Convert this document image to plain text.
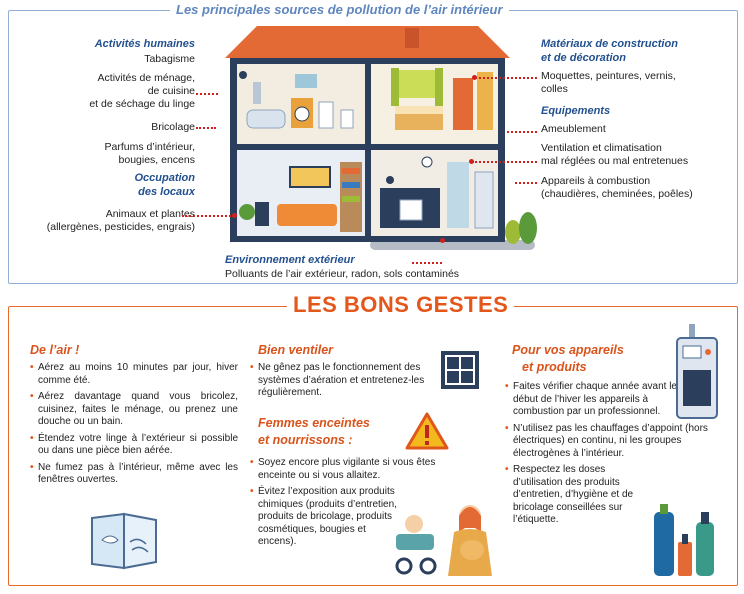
Les principales sources de pollution de l’air intérieur
Activités humaines
Tabagisme
Activités de ménage,
de cuisine
et de séchage du linge
Bricolage
Parfums d’intérieur,
bougies, encens
Occupation
des locaux
Animaux et plantes
(allergènes, pesticides, engrais)
Matériaux de construction
et de décoration
Moquettes, peintures, vernis,
colles
Equipements
Ameublement
Ventilation et climatisation
mal réglées ou mal entretenues
Appareils à combustion
(chaudières, cheminées, poêles)
Environnement extérieur
Polluants de l’air extérieur, radon, sols contaminés
LES BONS GESTES
De l’air !
• Aérez au moins 10 minutes par jour, hiver comme été.
• Aérez davantage quand vous bricolez, cuisinez, faites le ménage, ou prenez une douche ou un bain.
• Étendez votre linge à l’extérieur si possible ou dans une pièce bien aérée.
• Ne fumez pas à l’intérieur, même avec les fenêtres ouvertes.
Bien ventiler
• Ne gênez pas le fonctionnement des systèmes d’aération et entretenez-les régulièrement.
Femmes enceintes
et nourrissons :
• Soyez encore plus vigilante si vous êtes enceinte ou si vous allaitez.
• Évitez l’exposition aux produits chimiques (produits d’entretien, produits de bricolage, produits cosmétiques, bougies et encens).
Pour vos appareils
et produits
• Faites vérifier chaque année avant le début de l’hiver les appareils à combustion par un professionnel.
• N’utilisez pas les chauffages d’appoint (hors électriques) en continu, ni les groupes électrogènes à l’intérieur.
• Respectez les doses d’utilisation des produits d’entretien, d’hygiène et de bricolage conseillées sur l’étiquette.
